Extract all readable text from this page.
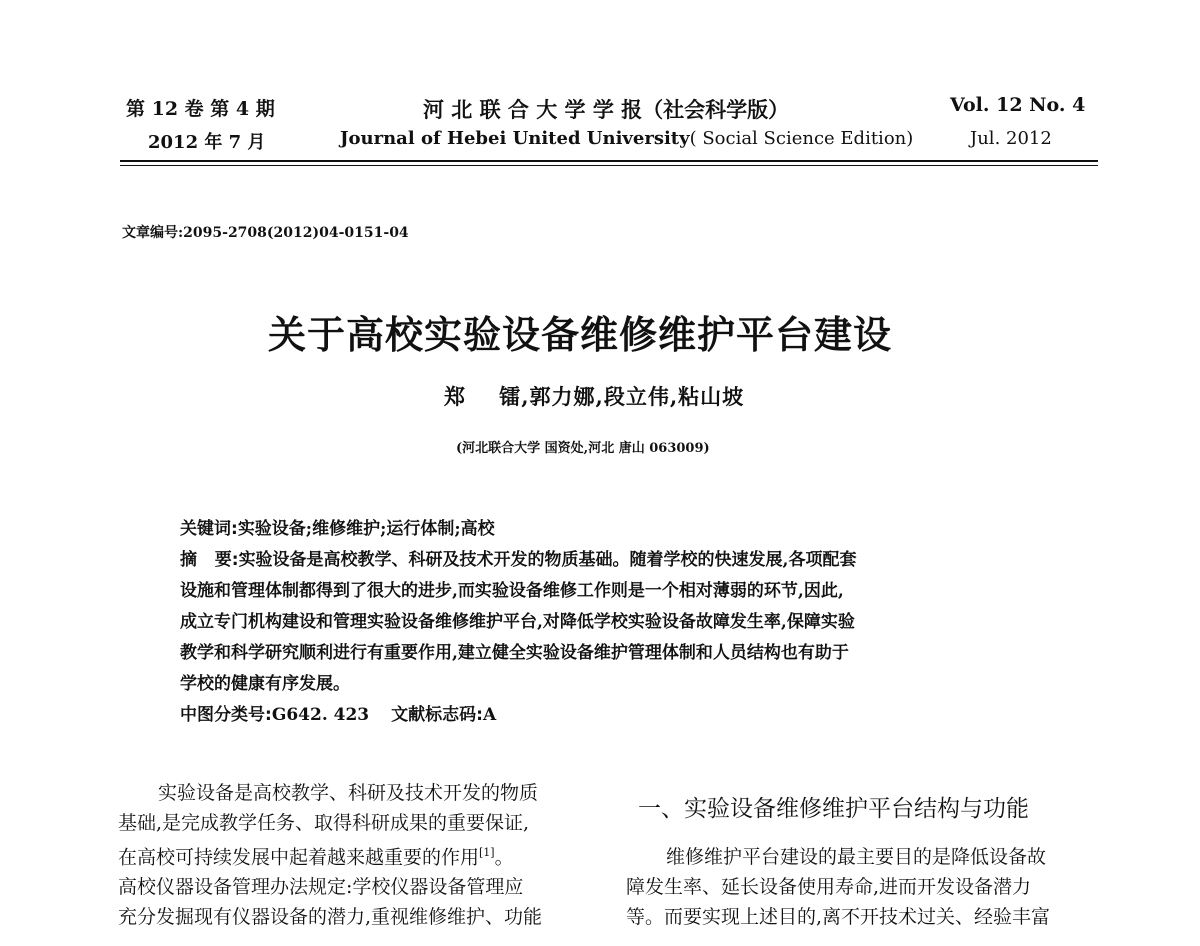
第 12 卷 第 4 期
2012 年 7 月
河 北 联 合 大 学 学 报（社会科学版）
Journal of Hebei United University( Social Science Edition)
Vol. 12 No. 4
Jul. 2012
文章编号:2095-2708(2012)04-0151-04
关于高校实验设备维修维护平台建设
郑    镭,郭力娜,段立伟,粘山坡
(河北联合大学 国资处,河北 唐山 063009)

关键词:实验设备;维修维护;运行体制;高校

摘   要:实验设备是高校教学、科研及技术开发的物质基础。随着学校的快速发展,各项配套

设施和管理体制都得到了很大的进步,而实验设备维修工作则是一个相对薄弱的环节,因此,

成立专门机构建设和管理实验设备维修维护平台,对降低学校实验设备故障发生率,保障实验

教学和科学研究顺利进行有重要作用,建立健全实验设备维护管理体制和人员结构也有助于

学校的健康有序发展。

中图分类号:G642. 423 文献标志码:A

实验设备是高校教学、科研及技术开发的物质

基础,是完成教学任务、取得科研成果的重要保证,

在高校可持续发展中起着越来越重要的作用[1]。

高校仪器设备管理办法规定:学校仪器设备管理应

充分发掘现有仪器设备的潜力,重视维修维护、功能

一、实验设备维修维护平台结构与功能

维修维护平台建设的最主要目的是降低设备故

障发生率、延长设备使用寿命,进而开发设备潜力

等。而要实现上述目的,离不开技术过关、经验丰富
